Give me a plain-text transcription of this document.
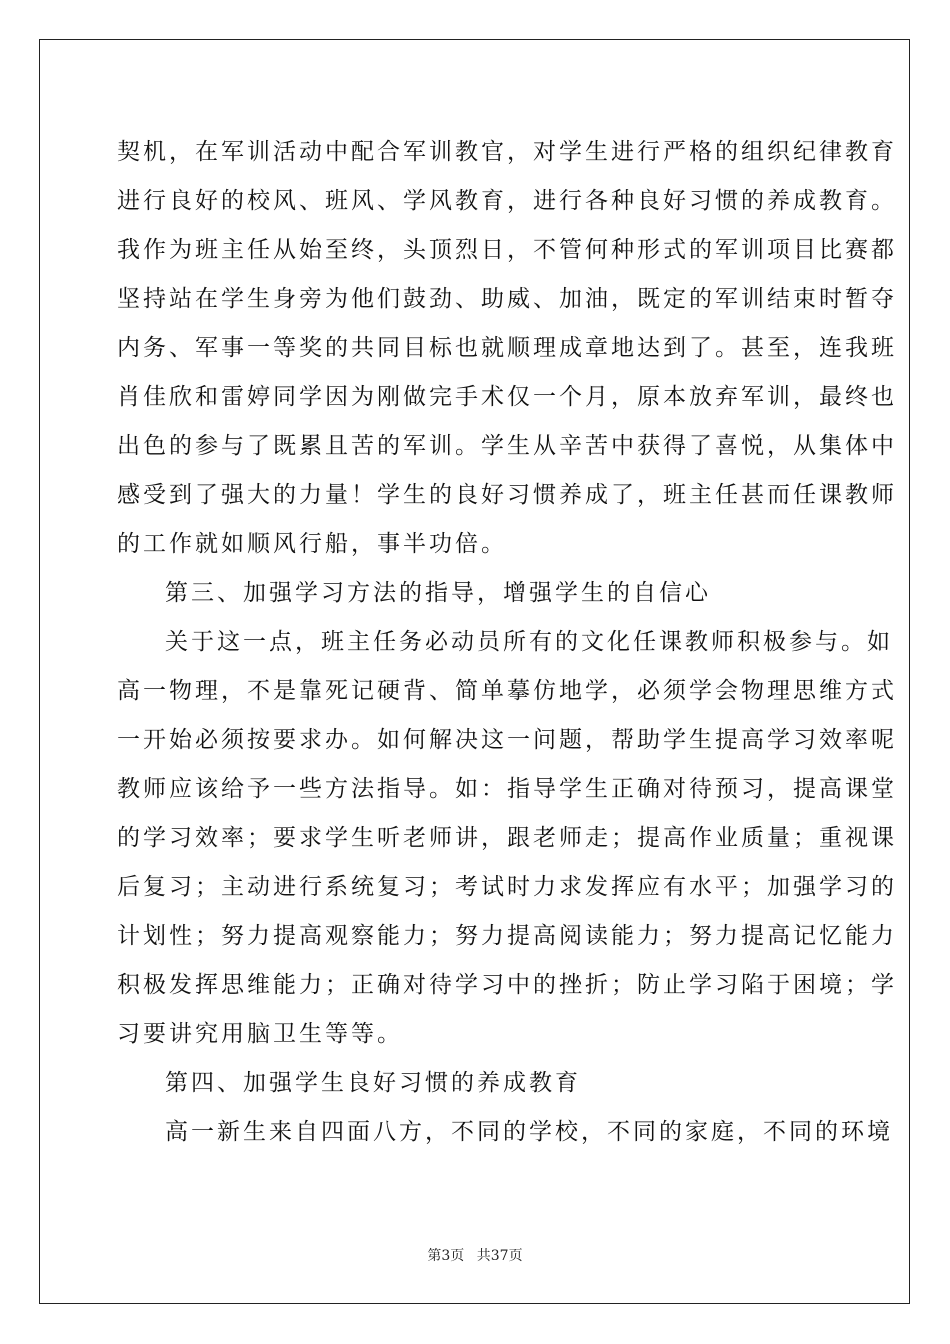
契机，在军训活动中配合军训教官，对学生进行严格的组织纪律教育
进行良好的校风、班风、学风教育，进行各种良好习惯的养成教育。
我作为班主任从始至终，头顶烈日，不管何种形式的军训项目比赛都
坚持站在学生身旁为他们鼓劲、助威、加油，既定的军训结束时暂夺
内务、军事一等奖的共同目标也就顺理成章地达到了。甚至，连我班
肖佳欣和雷婷同学因为刚做完手术仅一个月，原本放弃军训，最终也
出色的参与了既累且苦的军训。学生从辛苦中获得了喜悦，从集体中
感受到了强大的力量！学生的良好习惯养成了，班主任甚而任课教师
的工作就如顺风行船，事半功倍。
第三、加强学习方法的指导，增强学生的自信心
关于这一点，班主任务必动员所有的文化任课教师积极参与。如
高一物理，不是靠死记硬背、简单摹仿地学，必须学会物理思维方式
一开始必须按要求办。如何解决这一问题，帮助学生提高学习效率呢
教师应该给予一些方法指导。如：指导学生正确对待预习，提高课堂
的学习效率；要求学生听老师讲，跟老师走；提高作业质量；重视课
后复习；主动进行系统复习；考试时力求发挥应有水平；加强学习的
计划性；努力提高观察能力；努力提高阅读能力；努力提高记忆能力
积极发挥思维能力；正确对待学习中的挫折；防止学习陷于困境；学
习要讲究用脑卫生等等。
第四、加强学生良好习惯的养成教育
高一新生来自四面八方，不同的学校，不同的家庭，不同的环境
第3页 共37页
